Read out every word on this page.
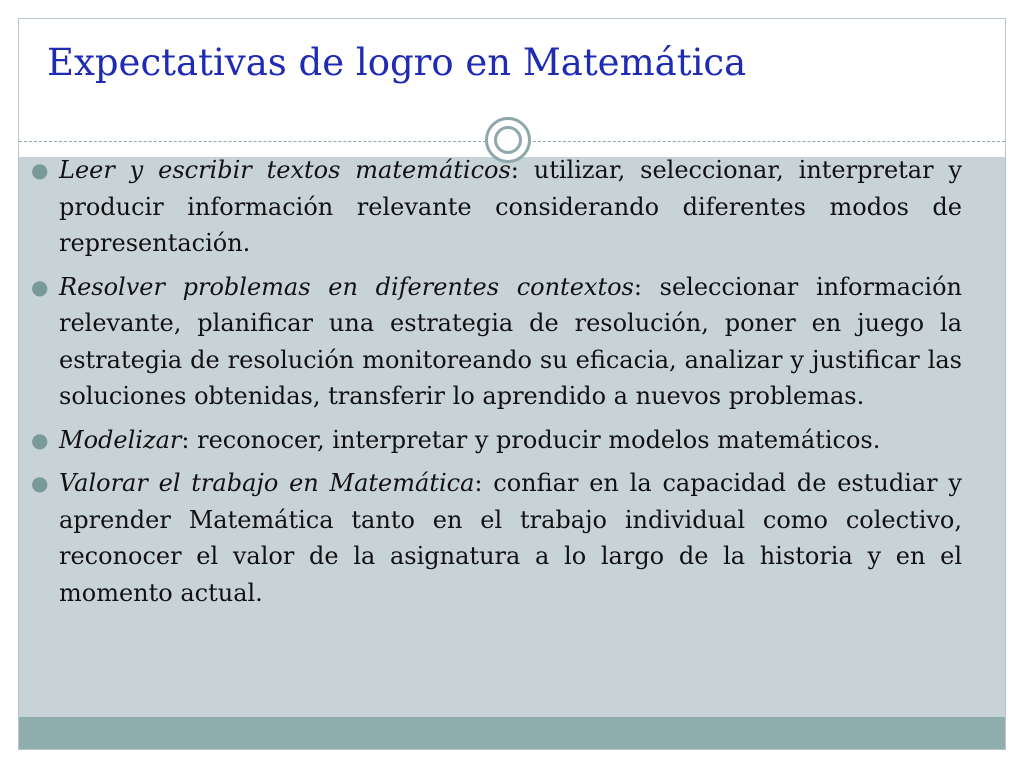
Expectativas de logro en Matemática
● Leer y escribir textos matemáticos: utilizar, seleccionar, interpretar y producir información relevante considerando diferentes modos de representación.
● Resolver problemas en diferentes contextos: seleccionar información relevante, planificar una estrategia de resolución, poner en juego la estrategia de resolución monitoreando su eficacia, analizar y justificar las soluciones obtenidas, transferir lo aprendido a nuevos problemas.
● Modelizar: reconocer, interpretar y producir modelos matemáticos.
● Valorar el trabajo en Matemática: confiar en la capacidad de estudiar y aprender Matemática tanto en el trabajo individual como colectivo, reconocer el valor de la asignatura a lo largo de la historia y en el momento actual.
